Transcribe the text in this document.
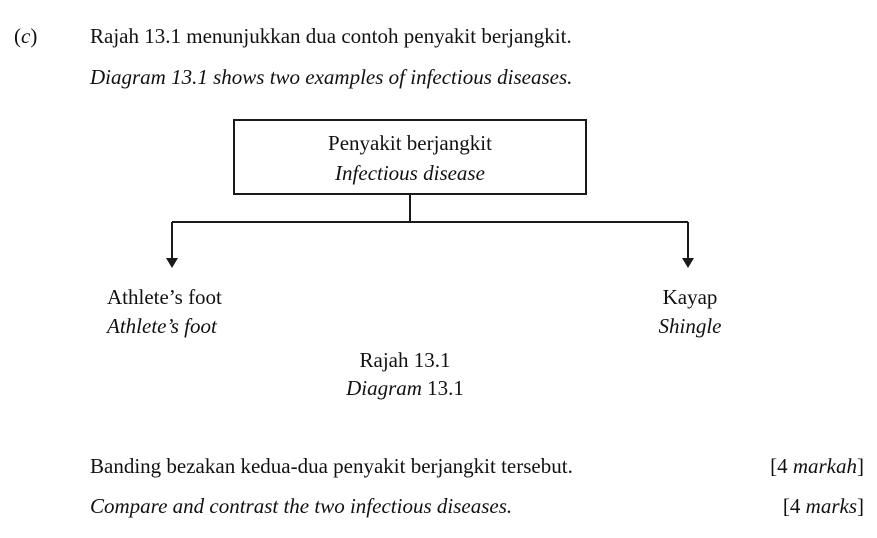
(c)	Rajah 13.1 menunjukkan dua contoh penyakit berjangkit.
Diagram 13.1 shows two examples of infectious diseases.
Penyakit berjangkit
Infectious disease
Athlete’s foot
Athlete’s foot
Kayap
Shingle
Rajah 13.1
Diagram 13.1
Banding bezakan kedua-dua penyakit berjangkit tersebut.	[4 markah]
Compare and contrast the two infectious diseases.	[4 marks]
